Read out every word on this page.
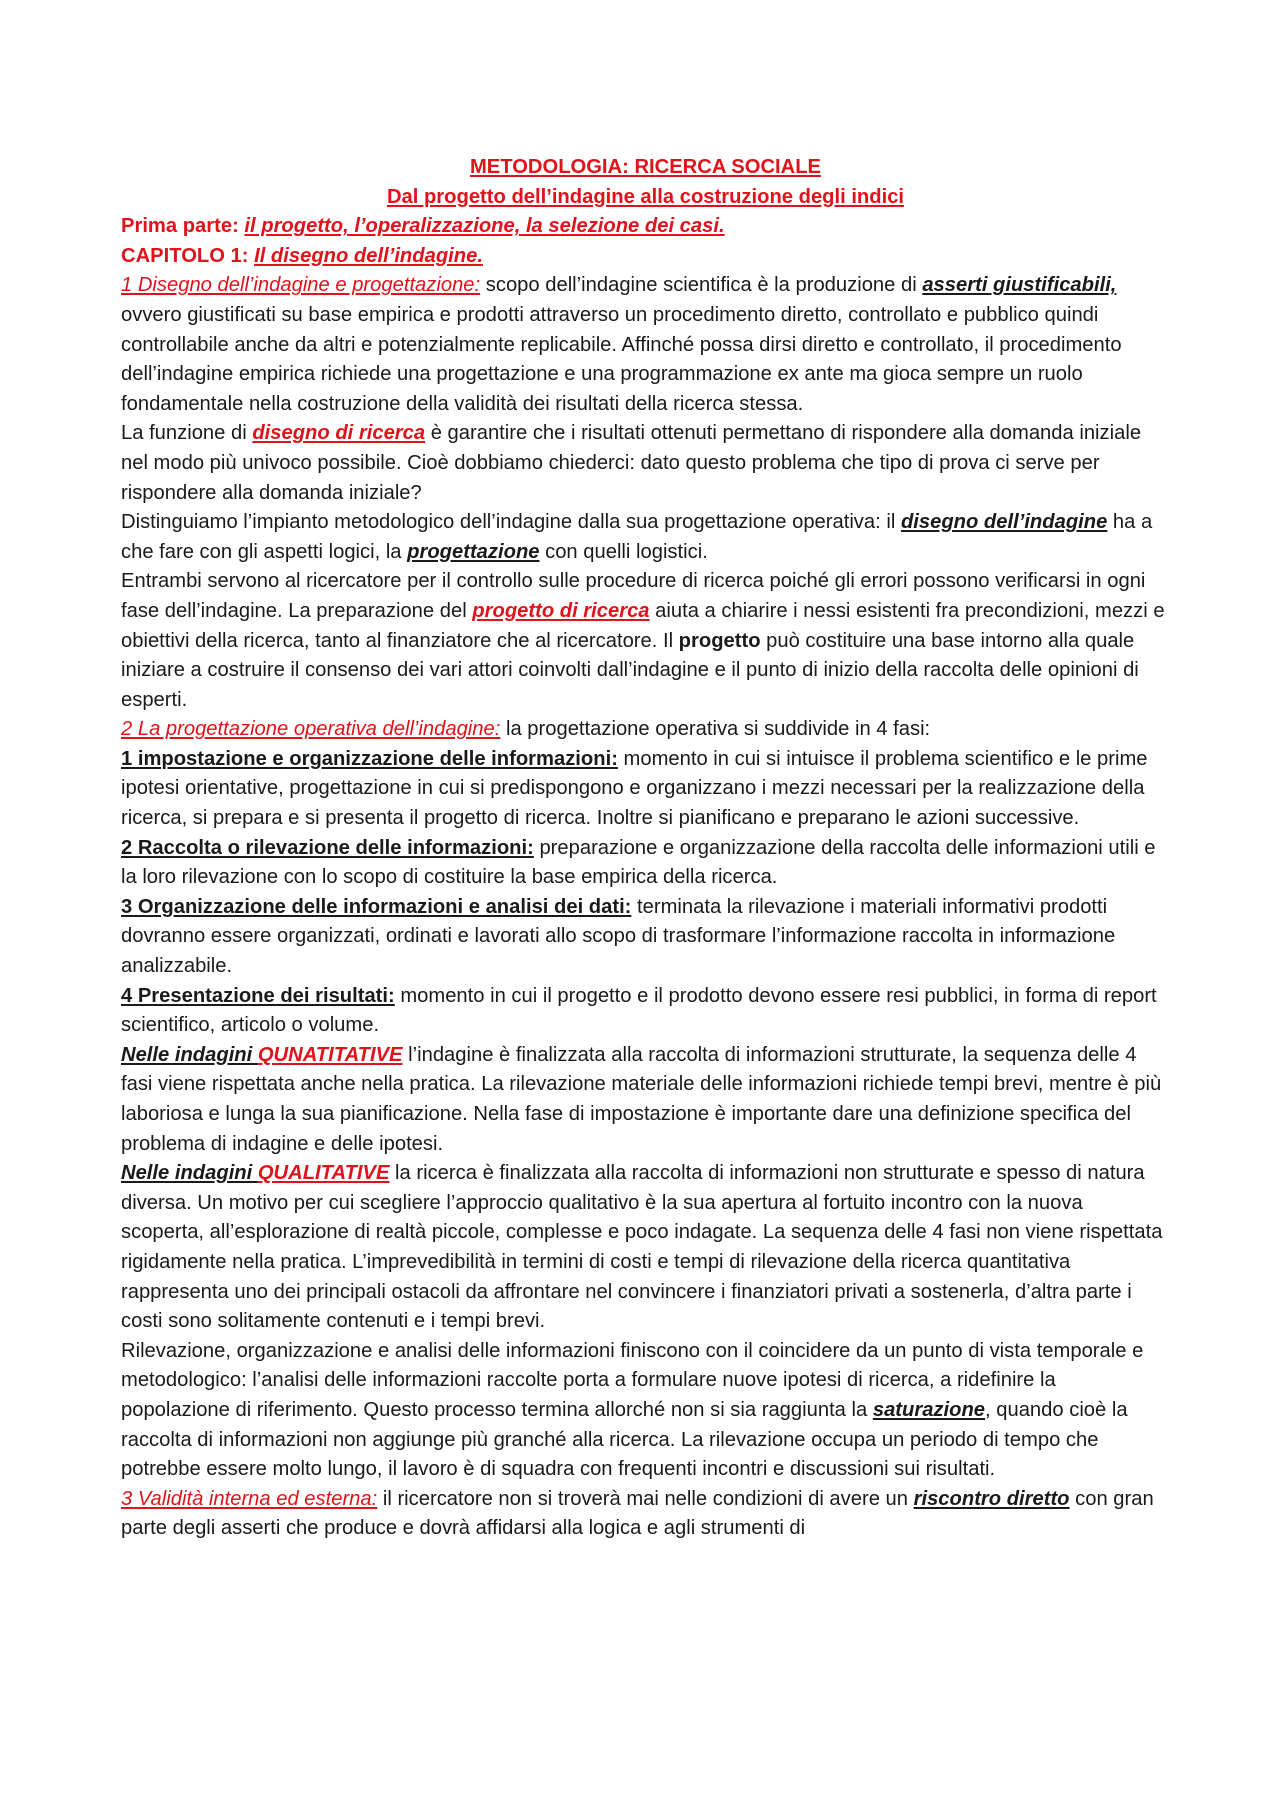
METODOLOGIA: RICERCA SOCIALE

Dal progetto dell’indagine alla costruzione degli indici

Prima parte: il progetto, l’operalizzazione, la selezione dei casi.

CAPITOLO 1: Il disegno dell’indagine.

1 Disegno dell’indagine e progettazione: scopo dell’indagine scientifica è la produzione di asserti giustificabili, ovvero giustificati su base empirica e prodotti attraverso un procedimento diretto, controllato e pubblico quindi controllabile anche da altri e potenzialmente replicabile. Affinché possa dirsi diretto e controllato, il procedimento dell’indagine empirica richiede una progettazione e una programmazione ex ante ma gioca sempre un ruolo fondamentale nella costruzione della validità dei risultati della ricerca stessa.

La funzione di disegno di ricerca è garantire che i risultati ottenuti permettano di rispondere alla domanda iniziale nel modo più univoco possibile. Cioè dobbiamo chiederci: dato questo problema che tipo di prova ci serve per rispondere alla domanda iniziale?

Distinguiamo l’impianto metodologico dell’indagine dalla sua progettazione operativa: il disegno dell’indagine ha a che fare con gli aspetti logici, la progettazione con quelli logistici.

Entrambi servono al ricercatore per il controllo sulle procedure di ricerca poiché gli errori possono verificarsi in ogni fase dell’indagine. La preparazione del progetto di ricerca aiuta a chiarire i nessi esistenti fra precondizioni, mezzi e obiettivi della ricerca, tanto al finanziatore che al ricercatore. Il progetto può costituire una base intorno alla quale iniziare a costruire il consenso dei vari attori coinvolti dall’indagine e il punto di inizio della raccolta delle opinioni di esperti.

2 La progettazione operativa dell’indagine: la progettazione operativa si suddivide in 4 fasi:

1 impostazione e organizzazione delle informazioni: momento in cui si intuisce il problema scientifico e le prime ipotesi orientative, progettazione in cui si predispongono e organizzano i mezzi necessari per la realizzazione della ricerca, si prepara e si presenta il progetto di ricerca. Inoltre si pianificano e preparano le azioni successive.

2 Raccolta o rilevazione delle informazioni: preparazione e organizzazione della raccolta delle informazioni utili e la loro rilevazione con lo scopo di costituire la base empirica della ricerca.

3 Organizzazione delle informazioni e analisi dei dati: terminata la rilevazione i materiali informativi prodotti dovranno essere organizzati, ordinati e lavorati allo scopo di trasformare l’informazione raccolta in informazione analizzabile.

4 Presentazione dei risultati: momento in cui il progetto e il prodotto devono essere resi pubblici, in forma di report scientifico, articolo o volume.

Nelle indagini QUNATITATIVE l’indagine è finalizzata alla raccolta di informazioni strutturate, la sequenza delle 4 fasi viene rispettata anche nella pratica. La rilevazione materiale delle informazioni richiede tempi brevi, mentre è più laboriosa e lunga la sua pianificazione. Nella fase di impostazione è importante dare una definizione specifica del problema di indagine e delle ipotesi.

Nelle indagini QUALITATIVE la ricerca è finalizzata alla raccolta di informazioni non strutturate e spesso di natura diversa. Un motivo per cui scegliere l’approccio qualitativo è la sua apertura al fortuito incontro con la nuova scoperta, all’esplorazione di realtà piccole, complesse e poco indagate. La sequenza delle 4 fasi non viene rispettata rigidamente nella pratica. L’imprevedibilità in termini di costi e tempi di rilevazione della ricerca quantitativa rappresenta uno dei principali ostacoli da affrontare nel convincere i finanziatori privati a sostenerla, d’altra parte i costi sono solitamente contenuti e i tempi brevi.

Rilevazione, organizzazione e analisi delle informazioni finiscono con il coincidere da un punto di vista temporale e metodologico: l’analisi delle informazioni raccolte porta a formulare nuove ipotesi di ricerca, a ridefinire la popolazione di riferimento. Questo processo termina allorché non si sia raggiunta la saturazione, quando cioè la raccolta di informazioni non aggiunge più granché alla ricerca. La rilevazione occupa un periodo di tempo che potrebbe essere molto lungo, il lavoro è di squadra con frequenti incontri e discussioni sui risultati.

3 Validità interna ed esterna: il ricercatore non si troverà mai nelle condizioni di avere un riscontro diretto con gran parte degli asserti che produce e dovrà affidarsi alla logica e agli strumenti di
